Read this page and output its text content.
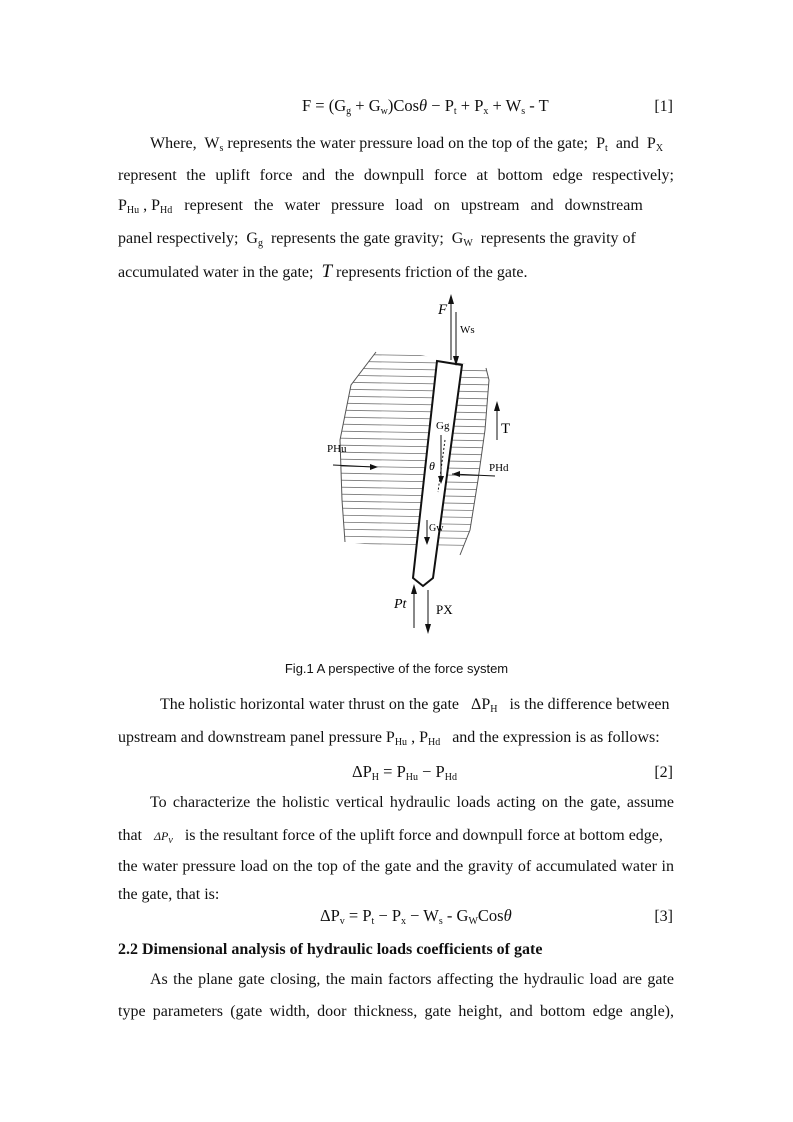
$F = (G_g + G_w)Cos\theta - P_t + P_x + W_s - T$	[1]
Where,  $W_s$ represents the water pressure load on the top of the gate;  $P_t$ and  $P_X$
represent the uplift force and the downpull force at bottom edge respectively;
$P_{Hu}$ , $P_{Hd}$ represent the water pressure load on upstream and downstream
panel respectively;  $G_g$ represents the gate gravity;  $G_W$ represents the gravity of
accumulated water in the gate; T represents friction of the gate.
F
Ws
Gg	T
PHu
PHd
θ
Gw
Pt PX
Fig.1 A perspective of the force system
The holistic horizontal water thrust on the gate   $\Delta P_H$ is the difference between
upstream and downstream panel pressure $P_{Hu}$ , $P_{Hd}$ and the expression is as follows:
$\Delta P_H = P_{Hu} - P_{Hd}$	[2]
To characterize the holistic vertical hydraulic loads acting on the gate, assume
that $\Delta P_v$ is the resultant force of the uplift force and downpull force at bottom edge,
the water pressure load on the top of the gate and the gravity of accumulated water in
the gate, that is:
$\Delta P_v = P_t - P_x - W_s - G_WCos\theta$	[3]
2.2 Dimensional analysis of hydraulic loads coefficients of gate
As the plane gate closing, the main factors affecting the hydraulic load are gate
type parameters (gate width, door thickness, gate height, and bottom edge angle),
